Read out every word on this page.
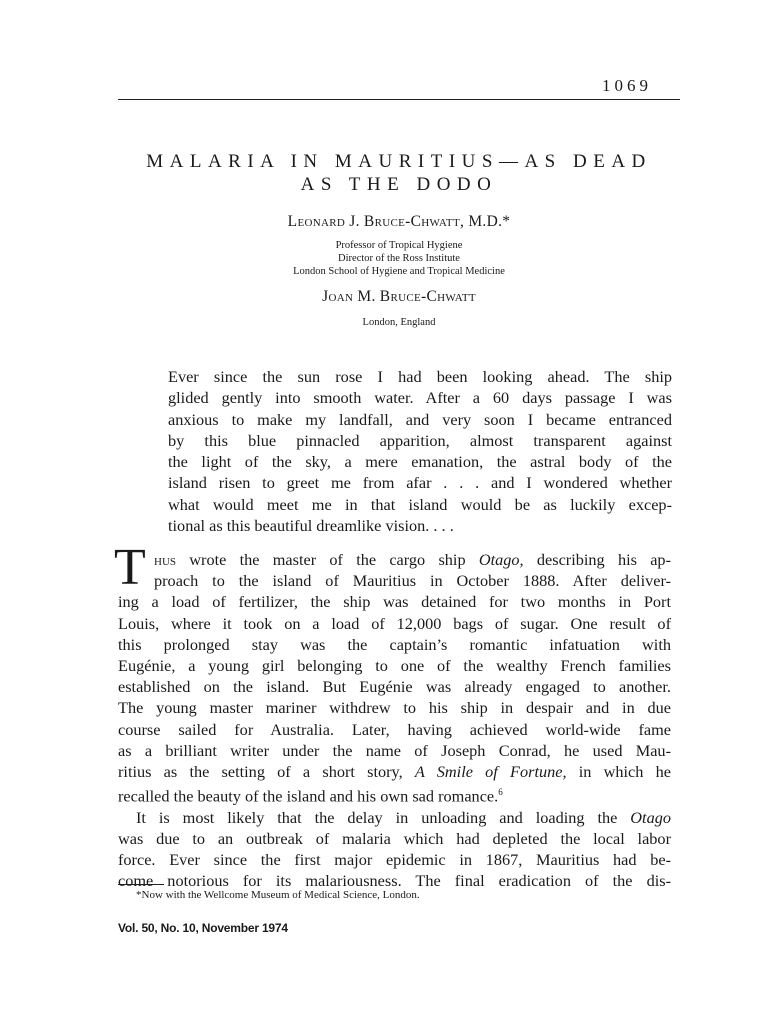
1069
MALARIA IN MAURITIUS—AS DEAD
AS THE DODO
Leonard J. Bruce-Chwatt, M.D.*
Professor of Tropical Hygiene
Director of the Ross Institute
London School of Hygiene and Tropical Medicine
Joan M. Bruce-Chwatt
London, England
Ever since the sun rose I had been looking ahead. The ship
glided gently into smooth water. After a 60 days passage I was
anxious to make my landfall, and very soon I became entranced
by this blue pinnacled apparition, almost transparent against
the light of the sky, a mere emanation, the astral body of the
island risen to greet me from afar . . . and I wondered whether
what would meet me in that island would be as luckily excep-
tional as this beautiful dreamlike vision. . . .
T hus wrote the master of the cargo ship Otago, describing his ap-
proach to the island of Mauritius in October 1888. After deliver-
ing a load of fertilizer, the ship was detained for two months in Port
Louis, where it took on a load of 12,000 bags of sugar. One result of
this prolonged stay was the captain’s romantic infatuation with
Eugénie, a young girl belonging to one of the wealthy French families
established on the island. But Eugénie was already engaged to another.
The young master mariner withdrew to his ship in despair and in due
course sailed for Australia. Later, having achieved world-wide fame
as a brilliant writer under the name of Joseph Conrad, he used Mau-
ritius as the setting of a short story, A Smile of Fortune, in which he
recalled the beauty of the island and his own sad romance.$^6$
It is most likely that the delay in unloading and loading the Otago
was due to an outbreak of malaria which had depleted the local labor
force. Ever since the first major epidemic in 1867, Mauritius had be-
come notorious for its malariousness. The final eradication of the dis-
*Now with the Wellcome Museum of Medical Science, London.
Vol. 50, No. 10, November 1974
